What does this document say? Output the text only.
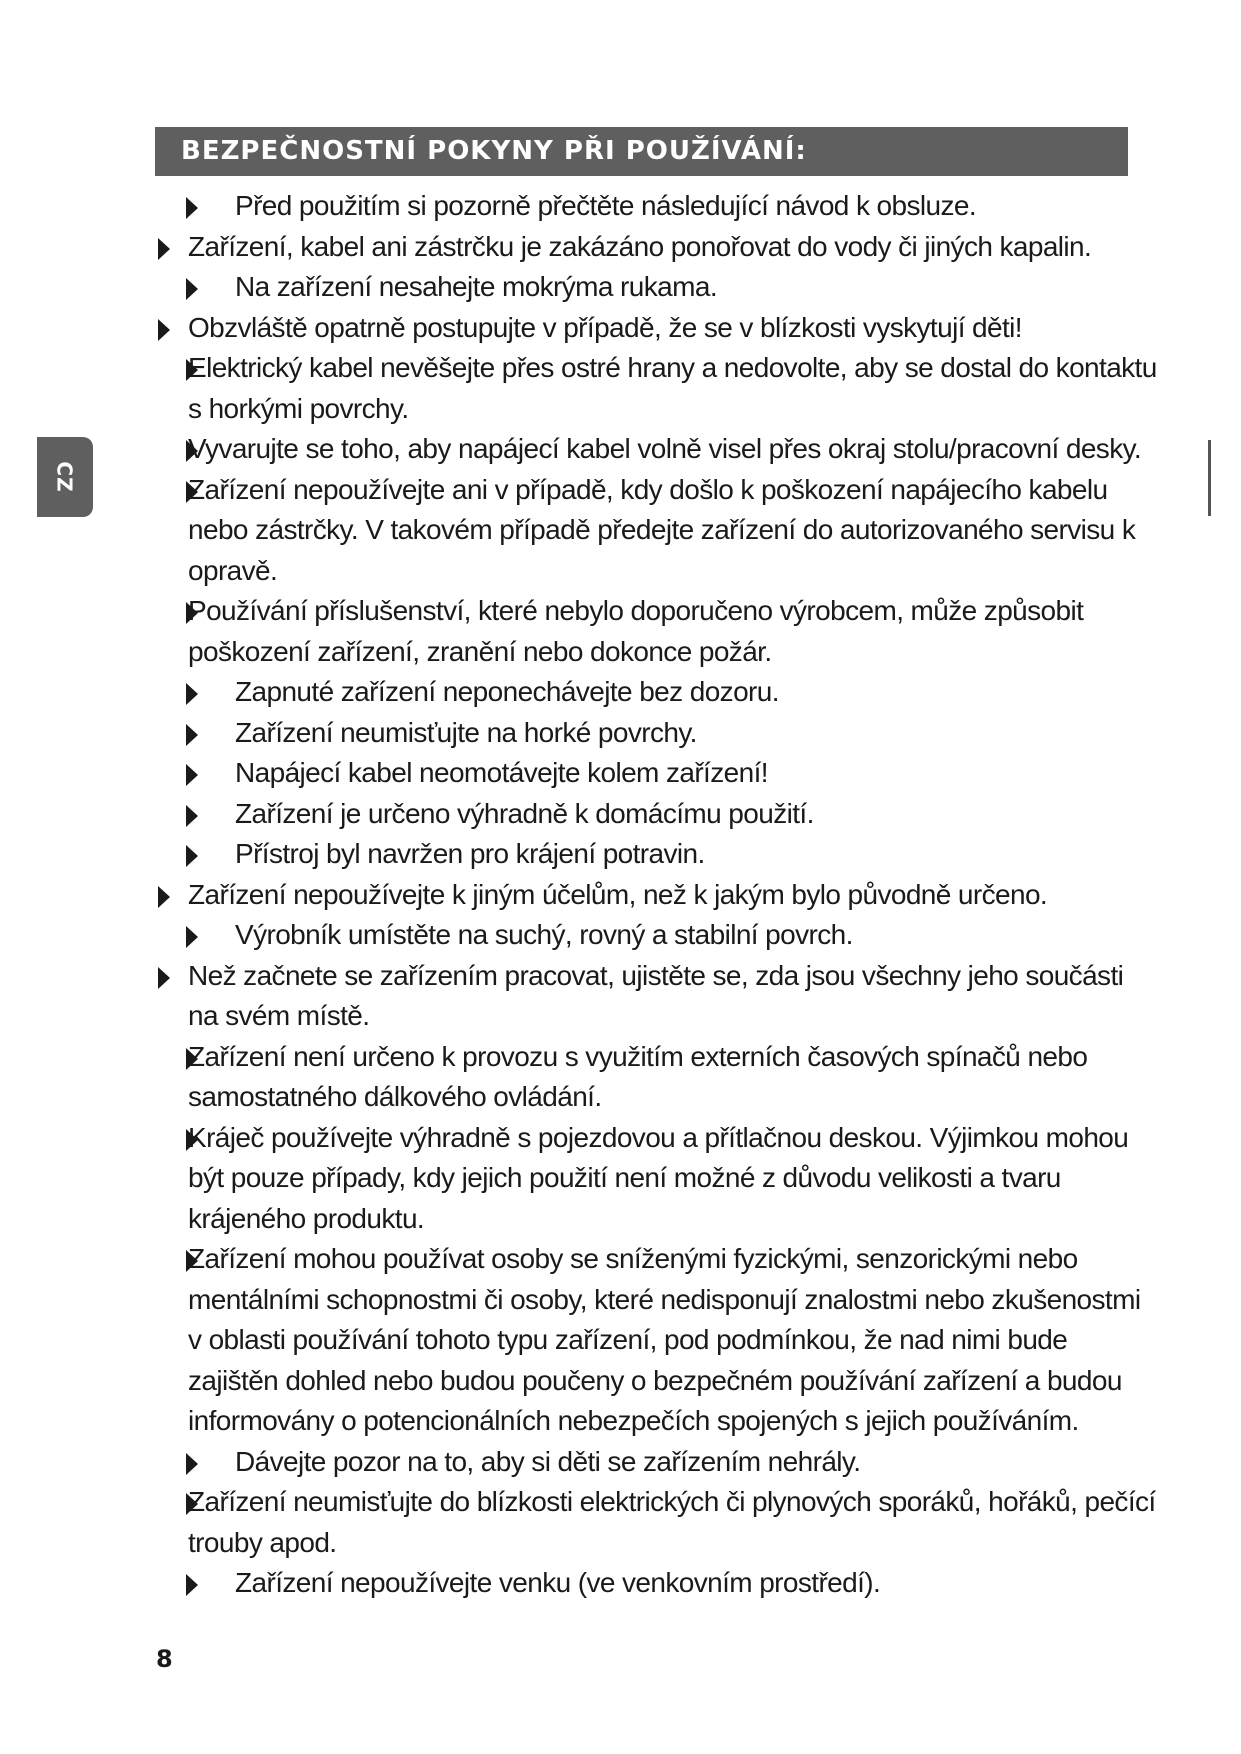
BEZPEČNOSTNÍ POKYNY PŘI POUŽÍVÁNÍ:
CZ
Před použitím si pozorně přečtěte následující návod k obsluze.
Zařízení, kabel ani zástrčku je zakázáno ponořovat do vody či jiných kapalin.
Na zařízení nesahejte mokrýma rukama.
Obzvláště opatrně postupujte v případě, že se v blízkosti vyskytují děti!
Elektrický kabel nevěšejte přes ostré hrany a nedovolte, aby se dostal do kontaktu s horkými povrchy.
Vyvarujte se toho, aby napájecí kabel volně visel přes okraj stolu/pracovní desky.
Zařízení nepoužívejte ani v případě, kdy došlo k poškození napájecího kabelu nebo zástrčky. V takovém případě předejte zařízení do autorizovaného servisu k opravě.
Používání příslušenství, které nebylo doporučeno výrobcem, může způsobit poškození zařízení, zranění nebo dokonce požár.
Zapnuté zařízení neponechávejte bez dozoru.
Zařízení neumisťujte na horké povrchy.
Napájecí kabel neomotávejte kolem zařízení!
Zařízení je určeno výhradně k domácímu použití.
Přístroj byl navržen pro krájení potravin.
Zařízení nepoužívejte k jiným účelům, než k jakým bylo původně určeno.
Výrobník umístěte na suchý, rovný a stabilní povrch.
Než začnete se zařízením pracovat, ujistěte se, zda jsou všechny jeho součásti na svém místě.
Zařízení není určeno k provozu s využitím externích časových spínačů nebo samostatného dálkového ovládání.
Kráječ používejte výhradně s pojezdovou a přítlačnou deskou. Výjimkou mohou být pouze případy, kdy jejich použití není možné z důvodu velikosti a tvaru krájeného produktu.
Zařízení mohou používat osoby se sníženými fyzickými, senzorickými nebo mentálními schopnostmi či osoby, které nedisponují znalostmi nebo zkušenostmi v oblasti používání tohoto typu zařízení, pod podmínkou, že nad nimi bude zajištěn dohled nebo budou poučeny o bezpečném používání zařízení a budou informovány o potencionálních nebezpečích spojených s jejich používáním.
Dávejte pozor na to, aby si děti se zařízením nehrály.
Zařízení neumisťujte do blízkosti elektrických či plynových sporáků, hořáků, pečící trouby apod.
Zařízení nepoužívejte venku (ve venkovním prostředí).
8
